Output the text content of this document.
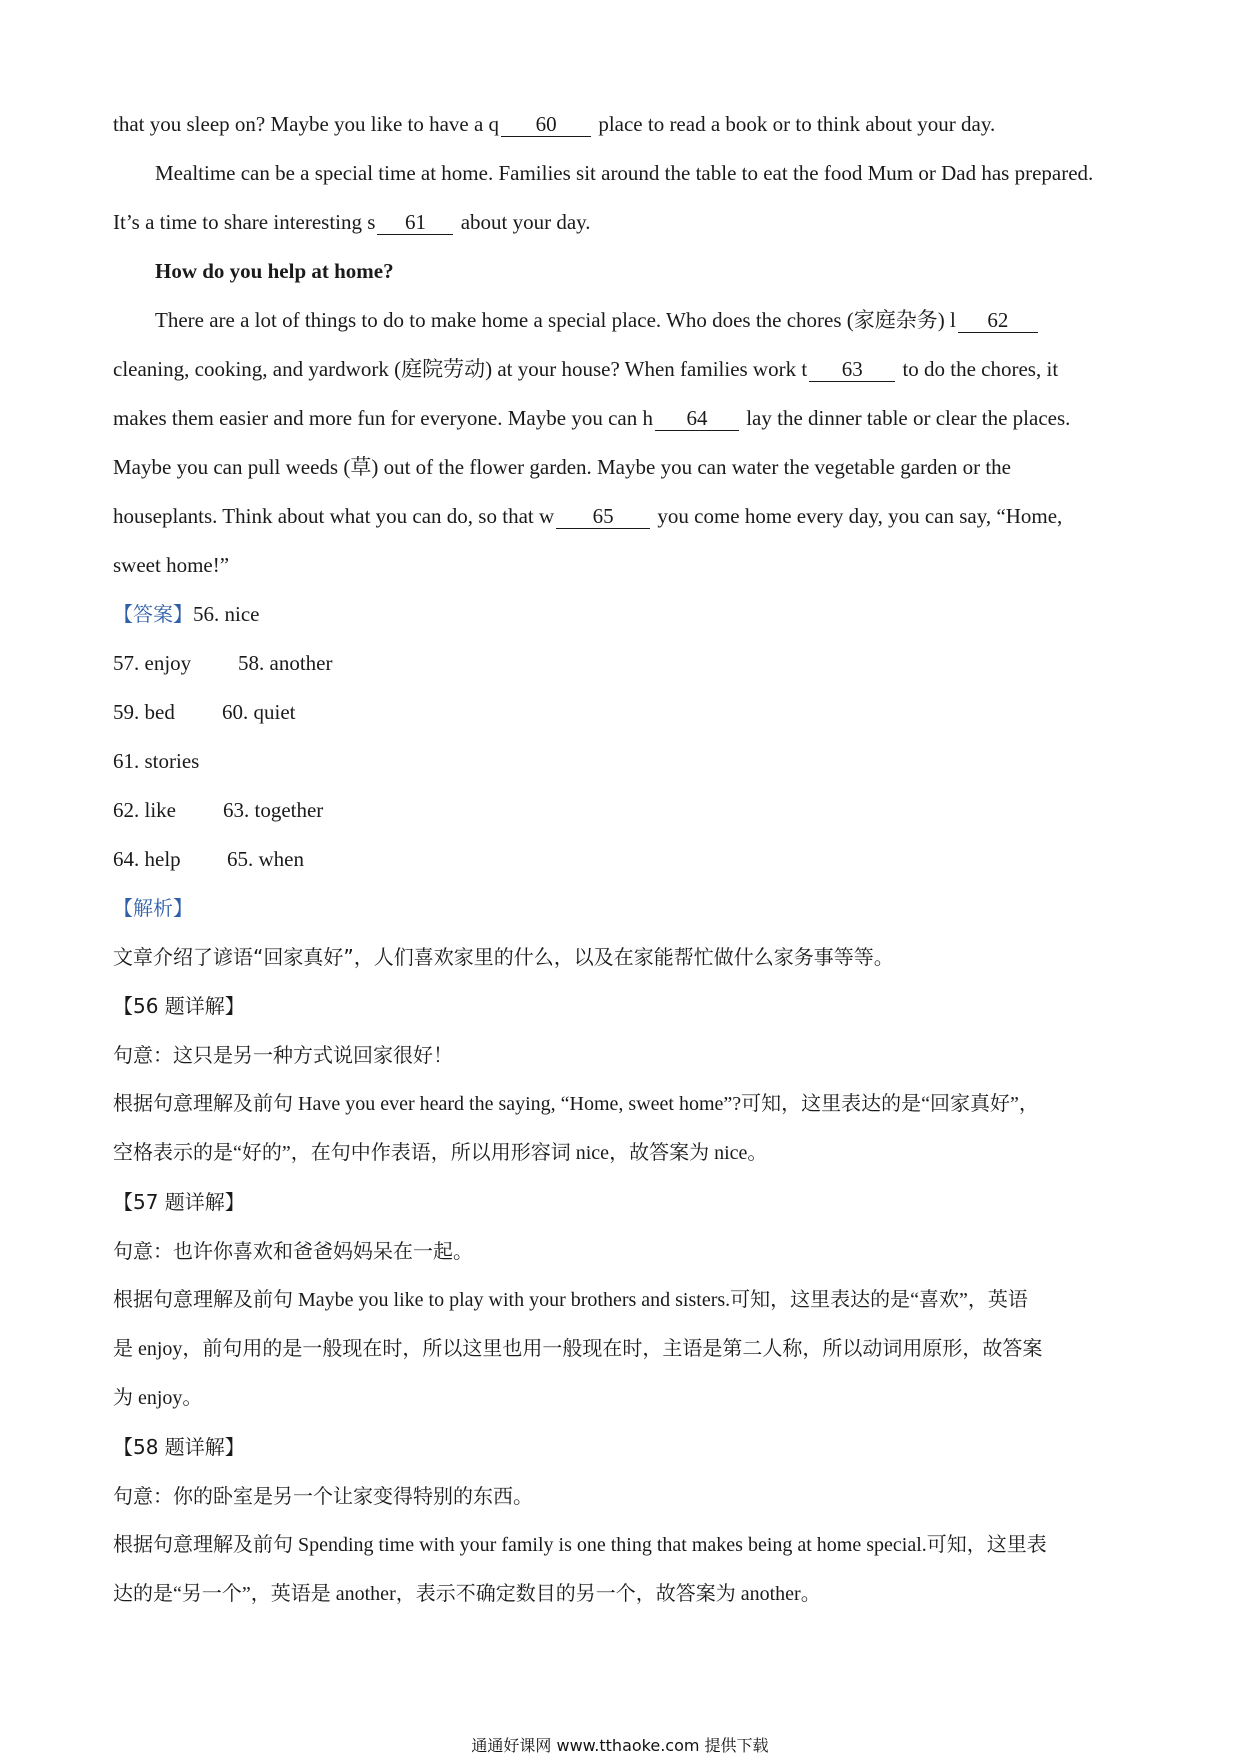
that you sleep on? Maybe you like to have a q 60 place to read a book or to think about your day.
Mealtime can be a special time at home. Families sit around the table to eat the food Mum or Dad has prepared.
It’s a time to share interesting s 61 about your day.
How do you help at home?
There are a lot of things to do to make home a special place. Who does the chores (家庭杂务) l 62
cleaning, cooking, and yardwork (庭院劳动) at your house? When families work t 63 to do the chores, it
makes them easier and more fun for everyone. Maybe you can h 64 lay the dinner table or clear the places.
Maybe you can pull weeds (草) out of the flower garden. Maybe you can water the vegetable garden or the
houseplants. Think about what you can do, so that w 65 you come home every day, you can say, “Home,
sweet home!”
【答案】56. nice
57. enjoy 58. another
59. bed 60. quiet
61. stories
62. like 63. together
64. help 65. when
【解析】
文章介绍了谚语“回家真好”，人们喜欢家里的什么，以及在家能帮忙做什么家务事等等。
【56 题详解】
句意：这只是另一种方式说回家很好！
根据句意理解及前句 Have you ever heard the saying, “Home, sweet home”?可知，这里表达的是“回家真好”，
空格表示的是“好的”，在句中作表语，所以用形容词 nice，故答案为 nice。
【57 题详解】
句意：也许你喜欢和爸爸妈妈呆在一起。
根据句意理解及前句 Maybe you like to play with your brothers and sisters.可知，这里表达的是“喜欢”，英语
是 enjoy，前句用的是一般现在时，所以这里也用一般现在时，主语是第二人称，所以动词用原形，故答案
为 enjoy。
【58 题详解】
句意：你的卧室是另一个让家变得特别的东西。
根据句意理解及前句 Spending time with your family is one thing that makes being at home special.可知，这里表
达的是“另一个”，英语是 another，表示不确定数目的另一个，故答案为 another。
通通好课网 www.tthaoke.com 提供下载
